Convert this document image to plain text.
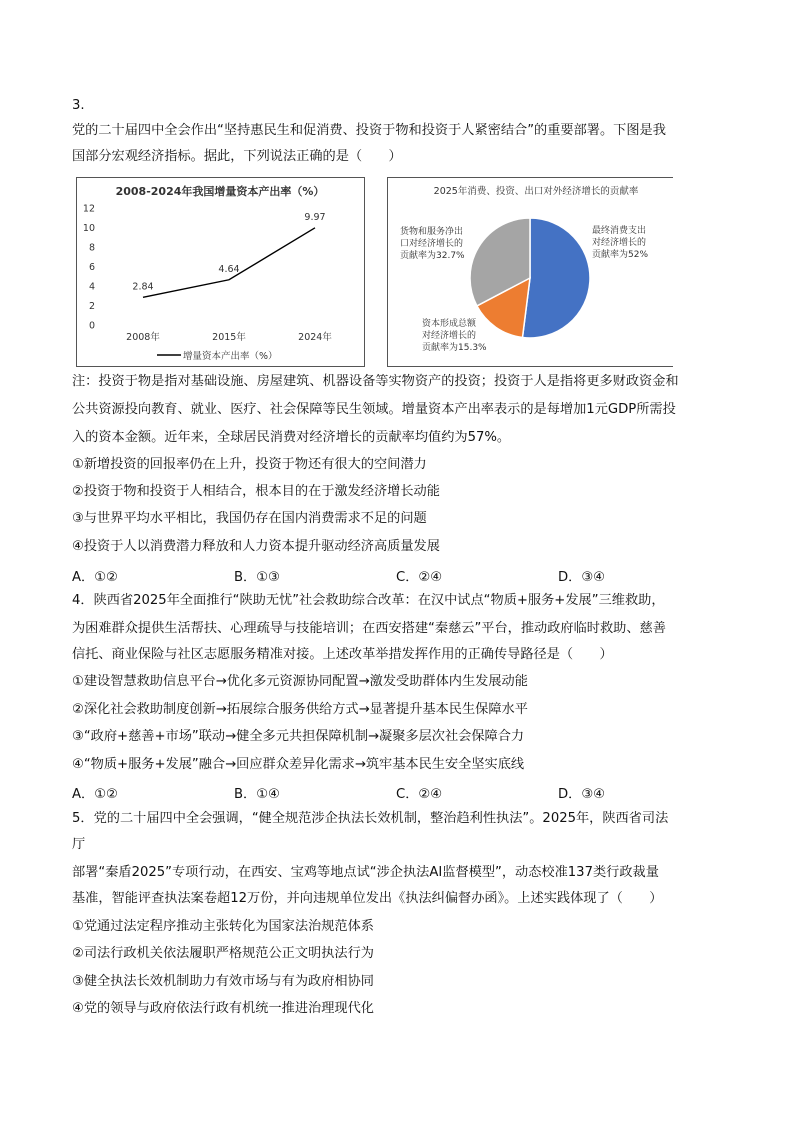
3.
党的二十届四中全会作出“坚持惠民生和促消费、投资于物和投资于人紧密结合”的重要部署。下图是我
国部分宏观经济指标。据此，下列说法正确的是（　　）
2008-2024年我国增量资本产出率（%）
0
2
4
6
8
10
12
2008年	2015年	2024年
2.84
4.64
9.97
增量资本产出率（%）
2025年消费、投资、出口对外经济增长的贡献率
最终消费支出
对经济增长的
贡献率为52%
资本形成总额
对经济增长的
贡献率为15.3%
货物和服务净出
口对经济增长的
贡献率为32.7%
注：投资于物是指对基础设施、房屋建筑、机器设备等实物资产的投资；投资于人是指将更多财政资金和
公共资源投向教育、就业、医疗、社会保障等民生领域。增量资本产出率表示的是每增加1元GDP所需投
入的资本金额。近年来，全球居民消费对经济增长的贡献率均值约为57%。
①新增投资的回报率仍在上升，投资于物还有很大的空间潜力
②投资于物和投资于人相结合，根本目的在于激发经济增长动能
③与世界平均水平相比，我国仍存在国内消费需求不足的问题
④投资于人以消费潜力释放和人力资本提升驱动经济高质量发展
A．①②	B．①③	C．②④	D．③④
4．陕西省2025年全面推行“陕助无忧”社会救助综合改革：在汉中试点“物质+服务+发展”三维救助，
为困难群众提供生活帮扶、心理疏导与技能培训；在西安搭建“秦慈云”平台，推动政府临时救助、慈善
信托、商业保险与社区志愿服务精准对接。上述改革举措发挥作用的正确传导路径是（　　）
①建设智慧救助信息平台→优化多元资源协同配置→激发受助群体内生发展动能
②深化社会救助制度创新→拓展综合服务供给方式→显著提升基本民生保障水平
③“政府+慈善+市场”联动→健全多元共担保障机制→凝聚多层次社会保障合力
④“物质+服务+发展”融合→回应群众差异化需求→筑牢基本民生安全坚实底线
A．①②	B．①④	C．②④	D．③④
5．党的二十届四中全会强调，“健全规范涉企执法长效机制，整治趋利性执法”。2025年，陕西省司法
厅
部署“秦盾2025”专项行动，在西安、宝鸡等地点试“涉企执法AI监督模型”，动态校准137类行政裁量
基准，智能评查执法案卷超12万份，并向违规单位发出《执法纠偏督办函》。上述实践体现了（　　）
①党通过法定程序推动主张转化为国家法治规范体系
②司法行政机关依法履职严格规范公正文明执法行为
③健全执法长效机制助力有效市场与有为政府相协同
④党的领导与政府依法行政有机统一推进治理现代化
